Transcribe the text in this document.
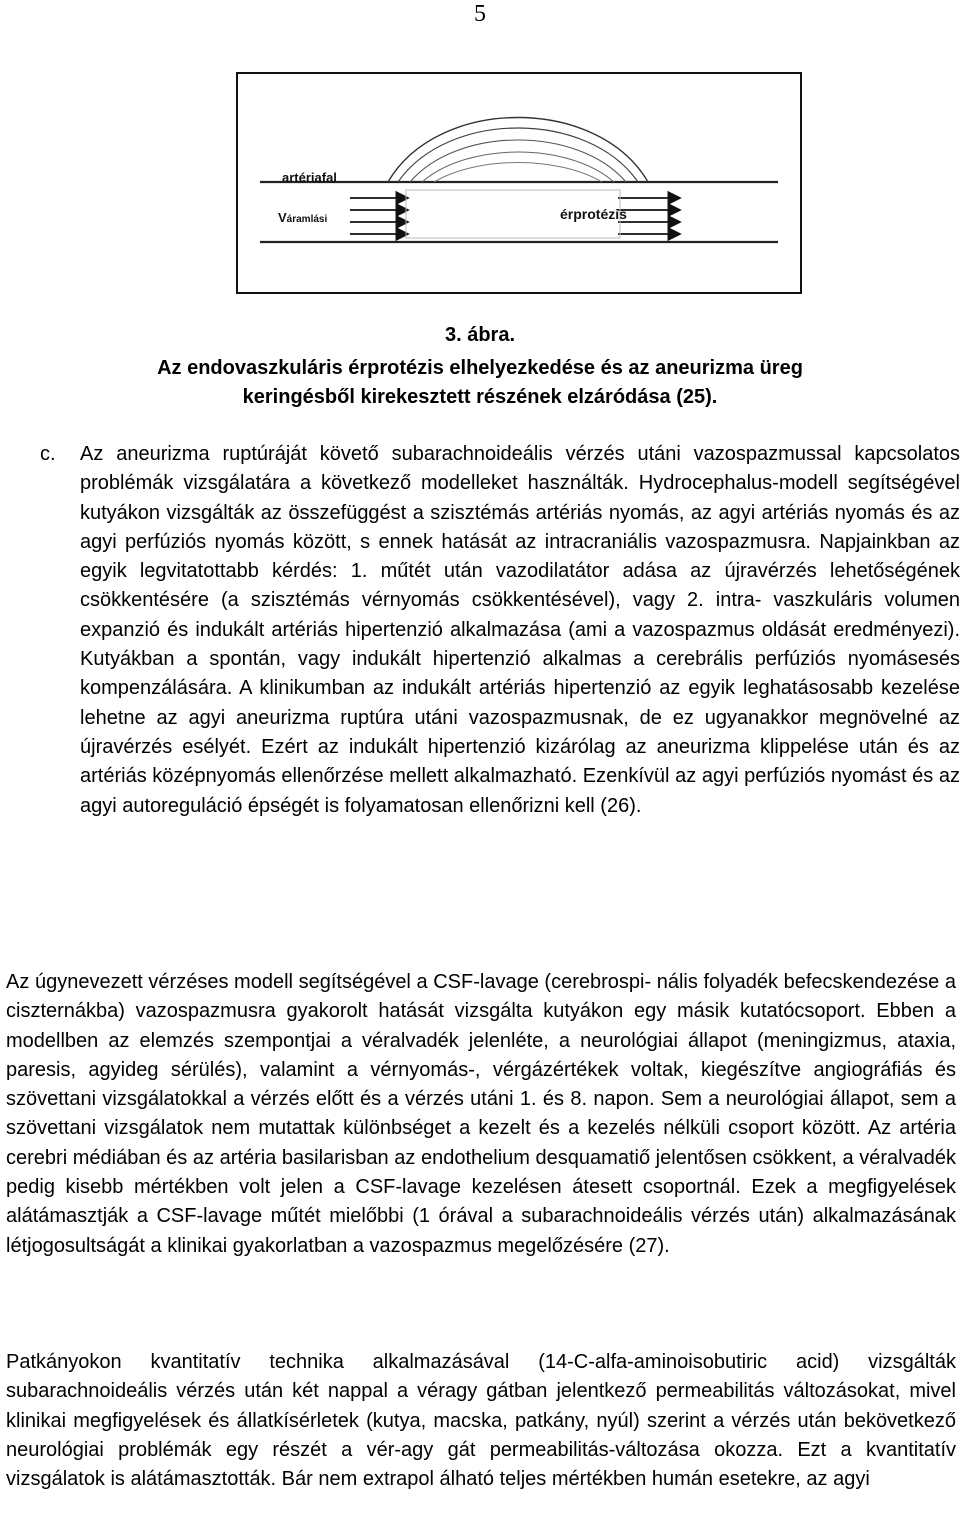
5
artériafal
Váramlási	érprotézis
3. ábra.
Az endovaszkuláris érprotézis elhelyezkedése és az aneurizma üreg
keringésből kirekesztett részének elzáródása (25).
c. Az aneurizma ruptúráját követő subarachnoideális vérzés utáni vazospazmussal kapcsolatos problémák vizsgálatára a következő modelleket használták. Hydrocephalus-modell segítségével kutyákon vizsgálták az összefüggést a szisztémás artériás nyomás, az agyi artériás nyomás és az agyi perfúziós nyomás között, s ennek hatását az intracraniális vazospazmusra. Napjainkban az egyik legvitatottabb kérdés: 1. műtét után vazodilatátor adása az újravérzés lehetőségének csökkentésére (a szisztémás vérnyomás csökkentésével), vagy 2. intra- vaszkuláris volumen expanzió és indukált artériás hipertenzió alkalmazása (ami a vazospazmus oldását eredményezi). Kutyákban a spontán, vagy indukált hipertenzió alkalmas a cerebrális perfúziós nyomásesés kompenzálására. A klinikumban az indukált artériás hipertenzió az egyik leghatásosabb kezelése lehetne az agyi aneurizma ruptúra utáni vazospazmusnak, de ez ugyanakkor megnövelné az újravérzés esélyét. Ezért az indukált hipertenzió kizárólag az aneurizma klippelése után és az artériás középnyomás ellenőrzése mellett alkalmazható. Ezenkívül az agyi perfúziós nyomást és az agyi autoreguláció épségét is folyamatosan ellenőrizni kell (26).

Az úgynevezett vérzéses modell segítségével a CSF-lavage (cerebrospi- nális folyadék befecskendezése a ciszternákba) vazospazmusra gyakorolt hatását vizsgálta kutyákon egy másik kutatócsoport. Ebben a modellben az elemzés szempontjai a véralvadék jelenléte, a neurológiai állapot (meningizmus, ataxia, paresis, agyideg sérülés), valamint a vérnyomás-, vérgázértékek voltak, kiegészítve angiográfiás és szövettani vizsgálatokkal a vérzés előtt és a vérzés utáni 1. és 8. napon. Sem a neurológiai állapot, sem a szövettani vizsgálatok nem mutattak különbséget a kezelt és a kezelés nélküli csoport között. Az artéria cerebri médiában és az artéria basilarisban az endothelium desquamatiő jelentősen csökkent, a véralvadék pedig kisebb mértékben volt jelen a CSF-lavage kezelésen átesett csoportnál. Ezek a megfigyelések alátámasztják a CSF-lavage műtét mielőbbi (1 órával a subarachnoideális vérzés után) alkalmazásának létjogosultságát a klinikai gyakorlatban a vazospazmus megelőzésére (27).

Patkányokon kvantitatív technika alkalmazásával (14-C-alfa-aminoisobutiric acid) vizsgálták subarachnoideális vérzés után két nappal a véragy gátban jelentkező permeabilitás változásokat, mivel klinikai megfigyelések és állatkísérletek (kutya, macska, patkány, nyúl) szerint a vérzés után bekövetkező neurológiai problémák egy részét a vér-agy gát permeabilitás-változása okozza. Ezt a kvantitatív vizsgálatok is alátámasztották. Bár nem extrapol álható teljes mértékben humán esetekre, az agyi
